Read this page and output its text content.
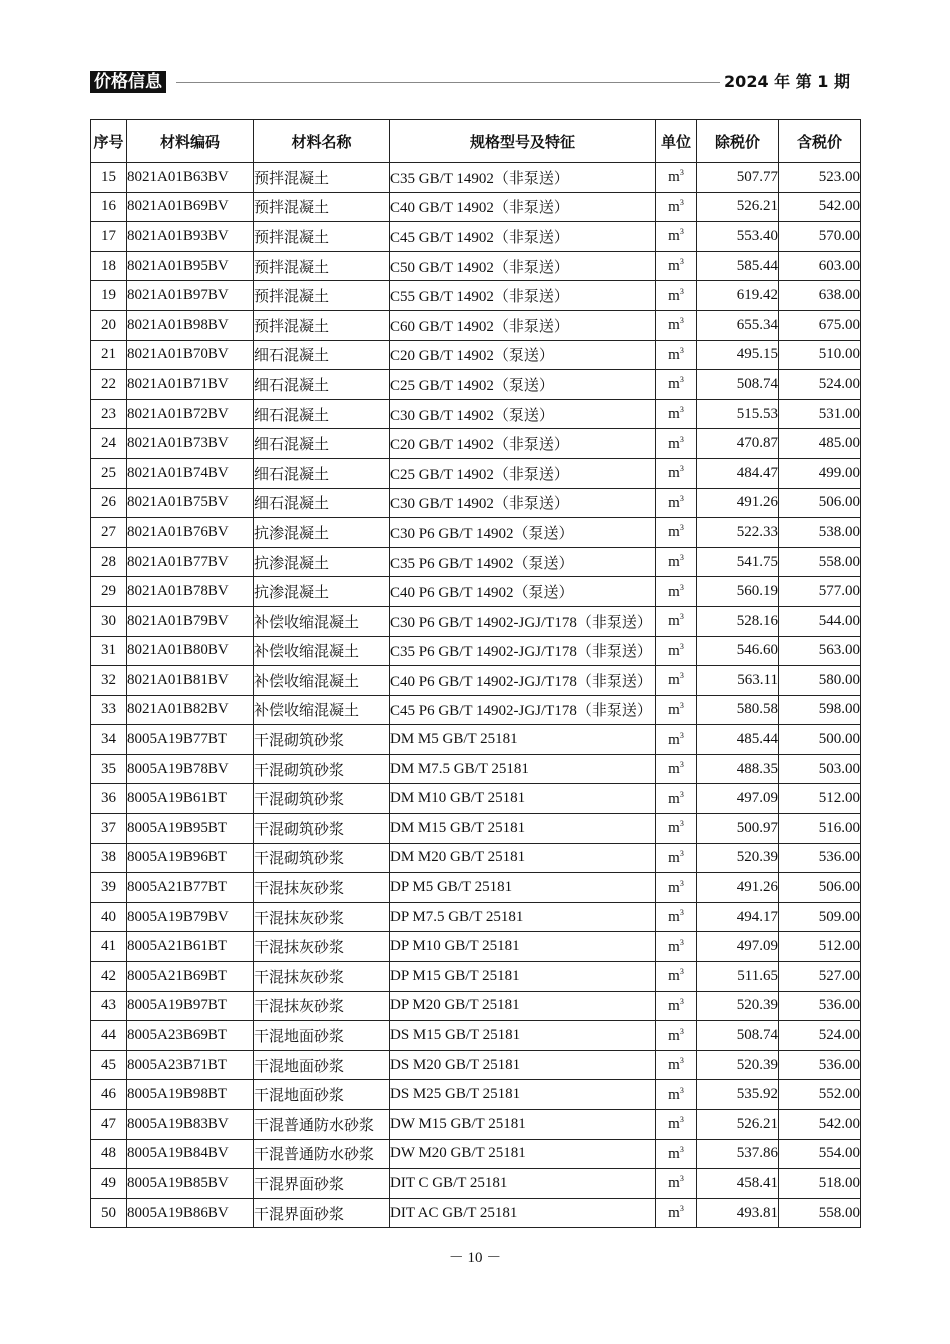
价格信息	2024 年 第 1 期
序号	材料编码	材料名称	规格型号及特征	单位	除税价	含税价
15	8021A01B63BV	预拌混凝土	C35 GB/T 14902（非泵送）	$m^3$	507.77	523.00
16	8021A01B69BV	预拌混凝土	C40 GB/T 14902（非泵送）	$m^3$	526.21	542.00
17	8021A01B93BV	预拌混凝土	C45 GB/T 14902（非泵送）	$m^3$	553.40	570.00
18	8021A01B95BV	预拌混凝土	C50 GB/T 14902（非泵送）	$m^3$	585.44	603.00
19	8021A01B97BV	预拌混凝土	C55 GB/T 14902（非泵送）	$m^3$	619.42	638.00
20	8021A01B98BV	预拌混凝土	C60 GB/T 14902（非泵送）	$m^3$	655.34	675.00
21	8021A01B70BV	细石混凝土	C20 GB/T 14902（泵送）	$m^3$	495.15	510.00
22	8021A01B71BV	细石混凝土	C25 GB/T 14902（泵送）	$m^3$	508.74	524.00
23	8021A01B72BV	细石混凝土	C30 GB/T 14902（泵送）	$m^3$	515.53	531.00
24	8021A01B73BV	细石混凝土	C20 GB/T 14902（非泵送）	$m^3$	470.87	485.00
25	8021A01B74BV	细石混凝土	C25 GB/T 14902（非泵送）	$m^3$	484.47	499.00
26	8021A01B75BV	细石混凝土	C30 GB/T 14902（非泵送）	$m^3$	491.26	506.00
27	8021A01B76BV	抗渗混凝土	C30 P6 GB/T 14902（泵送）	$m^3$	522.33	538.00
28	8021A01B77BV	抗渗混凝土	C35 P6 GB/T 14902（泵送）	$m^3$	541.75	558.00
29	8021A01B78BV	抗渗混凝土	C40 P6 GB/T 14902（泵送）	$m^3$	560.19	577.00
30	8021A01B79BV	补偿收缩混凝土	C30 P6 GB/T 14902-JGJ/T178（非泵送）	$m^3$	528.16	544.00
31	8021A01B80BV	补偿收缩混凝土	C35 P6 GB/T 14902-JGJ/T178（非泵送）	$m^3$	546.60	563.00
32	8021A01B81BV	补偿收缩混凝土	C40 P6 GB/T 14902-JGJ/T178（非泵送）	$m^3$	563.11	580.00
33	8021A01B82BV	补偿收缩混凝土	C45 P6 GB/T 14902-JGJ/T178（非泵送）	$m^3$	580.58	598.00
34	8005A19B77BT	干混砌筑砂浆	DM M5 GB/T 25181	$m^3$	485.44	500.00
35	8005A19B78BV	干混砌筑砂浆	DM M7.5 GB/T 25181	$m^3$	488.35	503.00
36	8005A19B61BT	干混砌筑砂浆	DM M10 GB/T 25181	$m^3$	497.09	512.00
37	8005A19B95BT	干混砌筑砂浆	DM M15 GB/T 25181	$m^3$	500.97	516.00
38	8005A19B96BT	干混砌筑砂浆	DM M20 GB/T 25181	$m^3$	520.39	536.00
39	8005A21B77BT	干混抹灰砂浆	DP M5 GB/T 25181	$m^3$	491.26	506.00
40	8005A19B79BV	干混抹灰砂浆	DP M7.5 GB/T 25181	$m^3$	494.17	509.00
41	8005A21B61BT	干混抹灰砂浆	DP M10 GB/T 25181	$m^3$	497.09	512.00
42	8005A21B69BT	干混抹灰砂浆	DP M15 GB/T 25181	$m^3$	511.65	527.00
43	8005A19B97BT	干混抹灰砂浆	DP M20 GB/T 25181	$m^3$	520.39	536.00
44	8005A23B69BT	干混地面砂浆	DS M15 GB/T 25181	$m^3$	508.74	524.00
45	8005A23B71BT	干混地面砂浆	DS M20 GB/T 25181	$m^3$	520.39	536.00
46	8005A19B98BT	干混地面砂浆	DS M25 GB/T 25181	$m^3$	535.92	552.00
47	8005A19B83BV	干混普通防水砂浆	DW M15 GB/T 25181	$m^3$	526.21	542.00
48	8005A19B84BV	干混普通防水砂浆	DW M20 GB/T 25181	$m^3$	537.86	554.00
49	8005A19B85BV	干混界面砂浆	DIT C GB/T 25181	$m^3$	458.41	518.00
50	8005A19B86BV	干混界面砂浆	DIT AC GB/T 25181	$m^3$	493.81	558.00
－ 10 －
